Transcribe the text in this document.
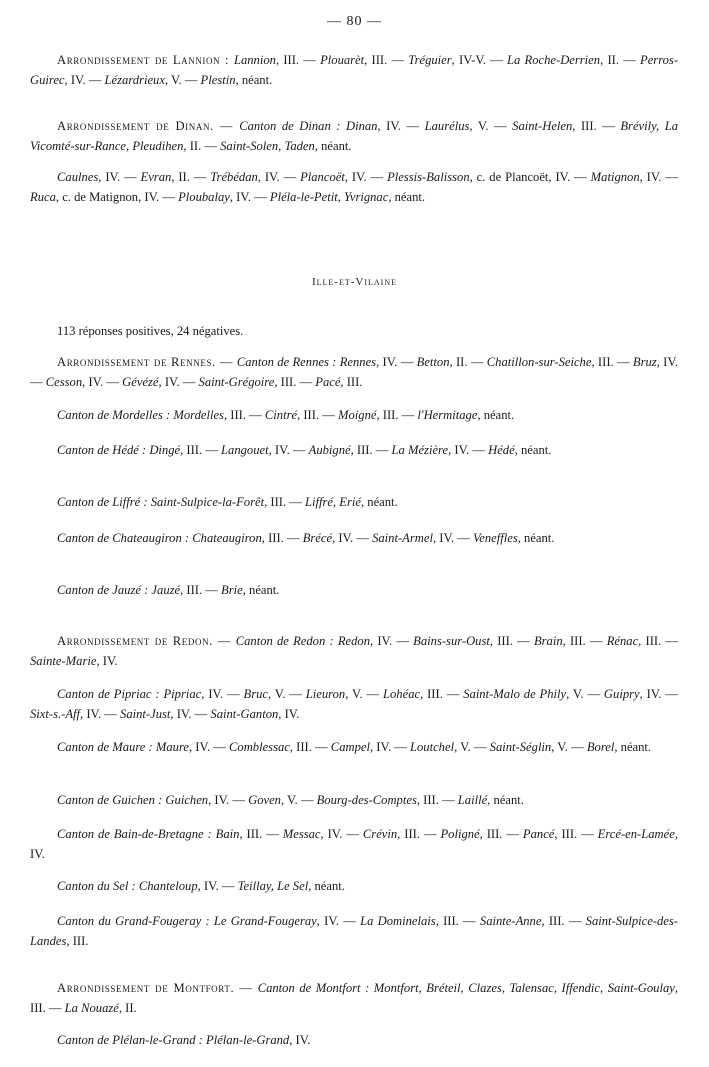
— 80 —

Arrondissement de Lannion : Lannion, III. — Plouarèt, III. — Tréguier, IV-V. — La Roche-Derrien, II. — Perros-Guirec, IV. — Lézardrieux, V. — Plestin, néant.

Arrondissement de Dinan. — Canton de Dinan : Dinan, IV. — Laurélus, V. — Saint-Helen, III. — Brévily, La Vicomté-sur-Rance, Pleudihen, II. — Saint-Solen, Taden, néant.

Caulnes, IV. — Evran, II. — Trébédan, IV. — Plancoët, IV. — Plessis-Balisson, c. de Plancoët, IV. — Matignon, IV. — Ruca, c. de Matignon, IV. — Ploubalay, IV. — Pléla-le-Petit, Yvrignac, néant.

Ille-et-Vilaine
113 réponses positives, 24 négatives.

Arrondissement de Rennes. — Canton de Rennes : Rennes, IV. — Betton, II. — Chatillon-sur-Seiche, III. — Bruz, IV. — Cesson, IV. — Gévézé, IV. — Saint-Grégoire, III. — Pacé, III.

Canton de Mordelles : Mordelles, III. — Cintré, III. — Moigné, III. — l'Hermitage, néant.

Canton de Hédé : Dingé, III. — Langouet, IV. — Aubigné, III. — La Mézière, IV. — Hédé, néant.

Canton de Liffré : Saint-Sulpice-la-Forêt, III. — Liffré, Erié, néant.

Canton de Chateaugiron : Chateaugiron, III. — Brécé, IV. — Saint-Armel, IV. — Veneffles, néant.

Canton de Jauzé : Jauzé, III. — Brie, néant.

Arrondissement de Redon. — Canton de Redon : Redon, IV. — Bains-sur-Oust, III. — Brain, III. — Rénac, III. — Sainte-Marie, IV.

Canton de Pipriac : Pipriac, IV. — Bruc, V. — Lieuron, V. — Lohéac, III. — Saint-Malo de Phily, V. — Guipry, IV. — Sixt-s.-Aff, IV. — Saint-Just, IV. — Saint-Ganton, IV.

Canton de Maure : Maure, IV. — Comblessac, III. — Campel, IV. — Loutchel, V. — Saint-Séglin, V. — Borel, néant.

Canton de Guichen : Guichen, IV. — Goven, V. — Bourg-des-Comptes, III. — Laillé, néant.

Canton de Bain-de-Bretagne : Bain, III. — Messac, IV. — Crévin, III. — Poligné, III. — Pancé, III. — Ercé-en-Lamée, IV.

Canton du Sel : Chanteloup, IV. — Teillay, Le Sel, néant.

Canton du Grand-Fougeray : Le Grand-Fougeray, IV. — La Dominelais, III. — Sainte-Anne, III. — Saint-Sulpice-des-Landes, III.

Arrondissement de Montfort. — Canton de Montfort : Montfort, Bréteil, Clazes, Talensac, Iffendic, Saint-Goulay, III. — La Nouazé, II.

Canton de Plélan-le-Grand : Plélan-le-Grand, IV.
